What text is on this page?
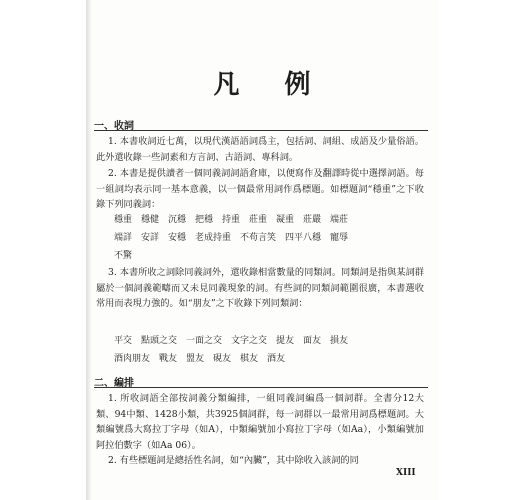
凡 例
一、收詞
1. 本書收詞近七萬，以現代漢語語詞爲主，包括詞、詞組、成語及少量俗語。此外還收錄一些詞素和方言詞、古語詞、專科詞。
2. 本書是提供讀者一個同義詞詞語倉庫，以便寫作及翻譯時從中選擇詞語。每一組詞均表示同一基本意義，以一個最常用詞作爲標題。如標題詞“穩重”之下收錄下列同義詞：
穩重　穩健　沉穩　把穩　持重　莊重　凝重　莊嚴　端莊
端詳　安詳　安穩　老成持重　不苟言笑　四平八穩　寵辱
不驚
3. 本書所收之詞除同義詞外，還收錄相當數量的同類詞。同類詞是指與某詞群屬於一個詞義範疇而又未見同義現象的詞。有些詞的同類詞範圍很廣，本書選收常用而表現力強的。如“朋友”之下收錄下列同類詞：
平交　點頭之交　一面之交　文字之交　提友　面友　損友
酒肉朋友　戰友　盟友　硯友　棋友　酒友
二、編排
1. 所收詞語全部按詞義分類編排，一組同義詞編爲一個詞群。全書分12大類、94中類、1428小類，共3925個詞群，每一詞群以一最常用詞爲標題詞。大類編號爲大寫拉丁字母（如A），中類編號加小寫拉丁字母（如Aa），小類編號加阿拉伯數字（如Aa 06）。
2. 有些標題詞是總括性名詞，如“內臟”，其中除收入該詞的同
XIII
